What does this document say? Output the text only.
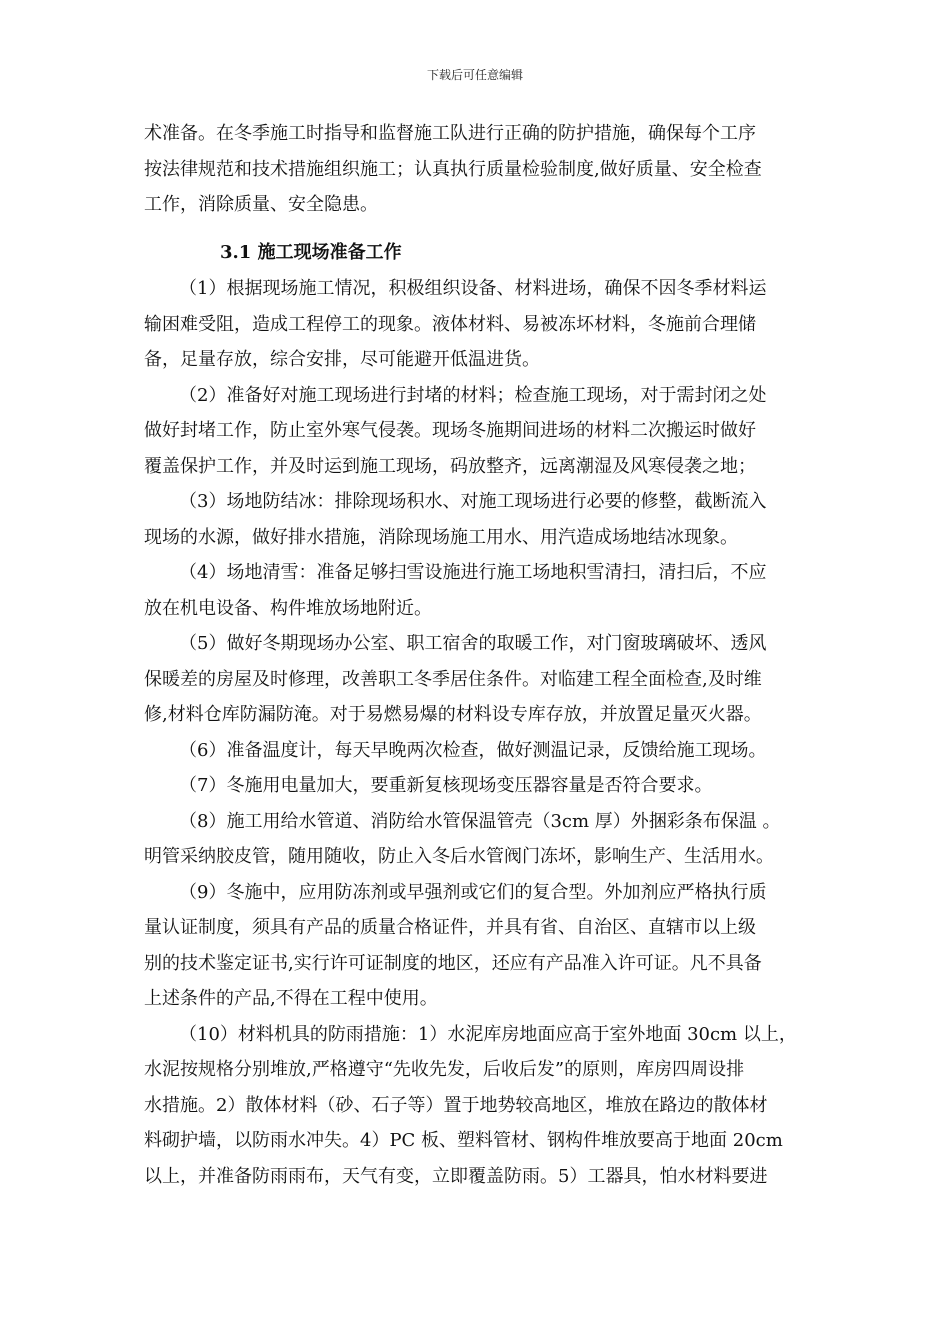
下载后可任意编辑
术准备。在冬季施工时指导和监督施工队进行正确的防护措施，确保每个工序
按法律规范和技术措施组织施工；认真执行质量检验制度,做好质量、安全检查
工作，消除质量、安全隐患。
3.1 施工现场准备工作
（1）根据现场施工情况，积极组织设备、材料进场，确保不因冬季材料运
输困难受阻，造成工程停工的现象。液体材料、易被冻坏材料，冬施前合理储
备，足量存放，综合安排，尽可能避开低温进货。
（2）准备好对施工现场进行封堵的材料；检查施工现场，对于需封闭之处
做好封堵工作，防止室外寒气侵袭。现场冬施期间进场的材料二次搬运时做好
覆盖保护工作，并及时运到施工现场，码放整齐，远离潮湿及风寒侵袭之地；
（3）场地防结冰：排除现场积水、对施工现场进行必要的修整，截断流入
现场的水源，做好排水措施，消除现场施工用水、用汽造成场地结冰现象。
（4）场地清雪：准备足够扫雪设施进行施工场地积雪清扫，清扫后，不应
放在机电设备、构件堆放场地附近。
（5）做好冬期现场办公室、职工宿舍的取暖工作，对门窗玻璃破坏、透风
保暖差的房屋及时修理，改善职工冬季居住条件。对临建工程全面检查,及时维
修,材料仓库防漏防淹。对于易燃易爆的材料设专库存放，并放置足量灭火器。
（6）准备温度计，每天早晚两次检查，做好测温记录，反馈给施工现场。
（7）冬施用电量加大，要重新复核现场变压器容量是否符合要求。
（8）施工用给水管道、消防给水管保温管壳（3cm 厚）外捆彩条布保温 。
明管采纳胶皮管，随用随收，防止入冬后水管阀门冻坏，影响生产、生活用水。
（9）冬施中，应用防冻剂或早强剂或它们的复合型。外加剂应严格执行质
量认证制度，须具有产品的质量合格证件，并具有省、自治区、直辖市以上级
别的技术鉴定证书,实行许可证制度的地区，还应有产品准入许可证。凡不具备
上述条件的产品,不得在工程中使用。
（10）材料机具的防雨措施：1）水泥库房地面应高于室外地面 30cm 以上，
水泥按规格分别堆放,严格遵守“先收先发，后收后发”的原则，库房四周设排
水措施。2）散体材料（砂、石子等）置于地势较高地区，堆放在路边的散体材
料砌护墙，以防雨水冲失。4）PC 板、塑料管材、钢构件堆放要高于地面 20cm
以上，并准备防雨雨布，天气有变，立即覆盖防雨。5）工器具，怕水材料要进
